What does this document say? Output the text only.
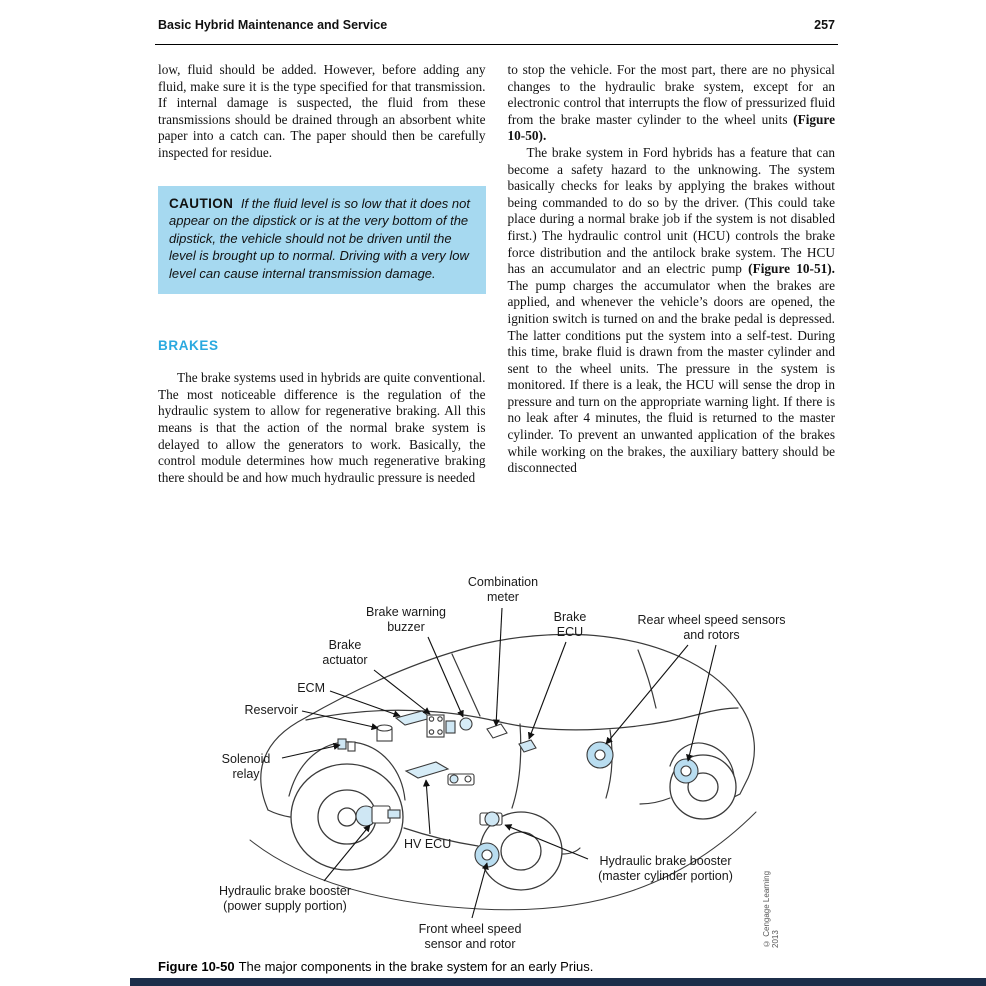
Basic Hybrid Maintenance and Service	257

low, fluid should be added. However, before adding any fluid, make sure it is the type specified for that transmission. If internal damage is suspected, the fluid from these transmissions should be drained through an absorbent white paper into a catch can. The paper should then be carefully inspected for residue.

CAUTION If the fluid level is so low that it does not appear on the dipstick or is at the very bottom of the dipstick, the vehicle should not be driven until the level is brought up to normal. Driving with a very low level can cause internal transmission damage.
BRAKES

The brake systems used in hybrids are quite conventional. The most noticeable difference is the regulation of the hydraulic system to allow for regenerative braking. All this means is that the action of the normal brake system is delayed to allow the generators to work. Basically, the control module determines how much regenerative braking there should be and how much hydraulic pressure is needed

to stop the vehicle. For the most part, there are no physical changes to the hydraulic brake system, except for an electronic control that interrupts the flow of pressurized fluid from the brake master cylinder to the wheel units (Figure 10-50).

The brake system in Ford hybrids has a feature that can become a safety hazard to the unknowing. The system basically checks for leaks by applying the brakes without being commanded to do so by the driver. (This could take place during a normal brake job if the system is not disabled first.) The hydraulic control unit (HCU) controls the brake force distribution and the antilock brake system. The HCU has an accumulator and an electric pump (Figure 10-51). The pump charges the accumulator when the brakes are applied, and whenever the vehicle’s doors are opened, the ignition switch is turned on and the brake pedal is depressed. The latter conditions put the system into a self-test. During this time, brake fluid is drawn from the master cylinder and sent to the wheel units. The pressure in the system is monitored. If there is a leak, the HCU will sense the drop in pressure and turn on the appropriate warning light. If there is no leak after 4 minutes, the fluid is returned to the master cylinder. To prevent an unwanted application of the brakes while working on the brakes, the auxiliary battery should be disconnected

Combination meter
Brake warning buzzer
Brake ECU
Rear wheel speed sensors and rotors
Brake actuator
ECM
Reservoir
Solenoid relay
HV ECU
Hydraulic brake booster (power supply portion)
Hydraulic brake booster (master cylinder portion)
Front wheel speed sensor and rotor	© Cengage Learning 2013
Figure 10-50 The major components in the brake system for an early Prius.
